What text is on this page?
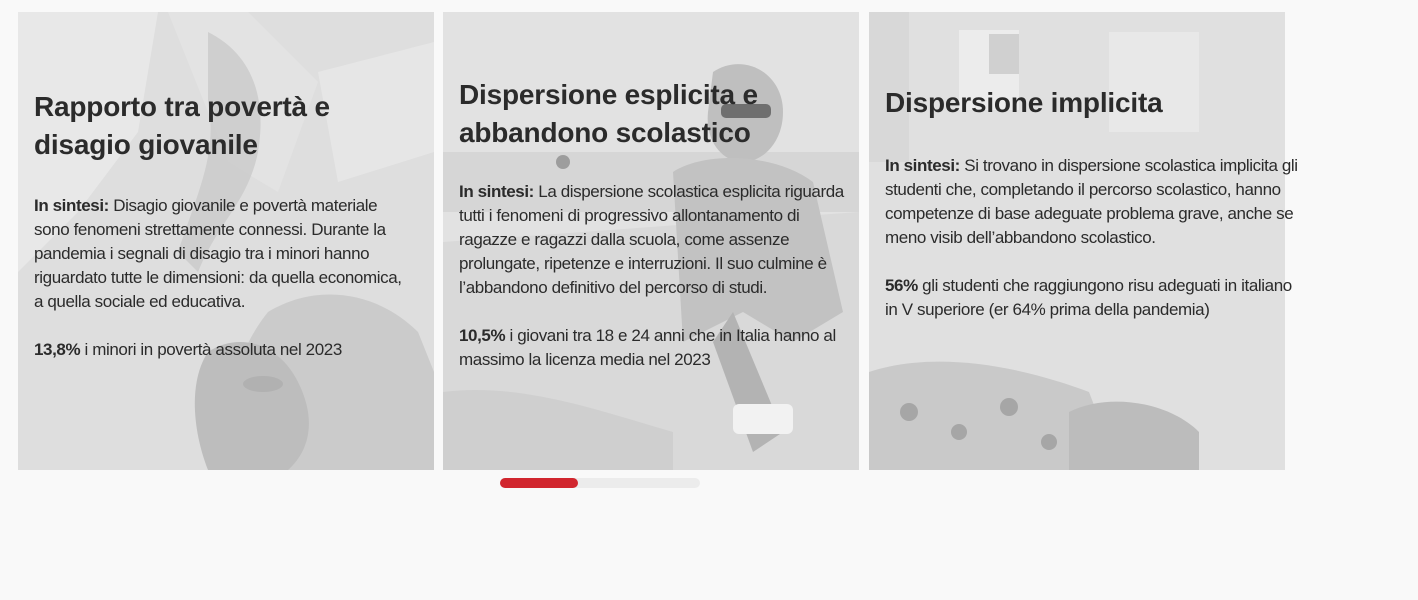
Rapporto tra povertà e disagio giovanile

In sintesi: Disagio giovanile e povertà materiale sono fenomeni strettamente connessi. Durante la pandemia i segnali di disagio tra i minori hanno riguardato tutte le dimensioni: da quella economica, a quella sociale ed educativa.

13,8% i minori in povertà assoluta nel 2023

Dispersione esplicita e abbandono scolastico

In sintesi: La dispersione scolastica esplicita riguarda tutti i fenomeni di progressivo allontanamento di ragazze e ragazzi dalla scuola, come assenze prolungate, ripetenze e interruzioni. Il suo culmine è l’abbandono definitivo del percorso di studi.

10,5% i giovani tra 18 e 24 anni che in Italia hanno al massimo la licenza media nel 2023

Dispersione implicita

In sintesi: Si trovano in dispersione scolastica implicita gli studenti che, completando il percorso scolastico, hanno competenze di base adeguate problema grave, anche se meno visib dell’abbandono scolastico.

56% gli studenti che raggiungono risu adeguati in italiano in V superiore (er 64% prima della pandemia)
